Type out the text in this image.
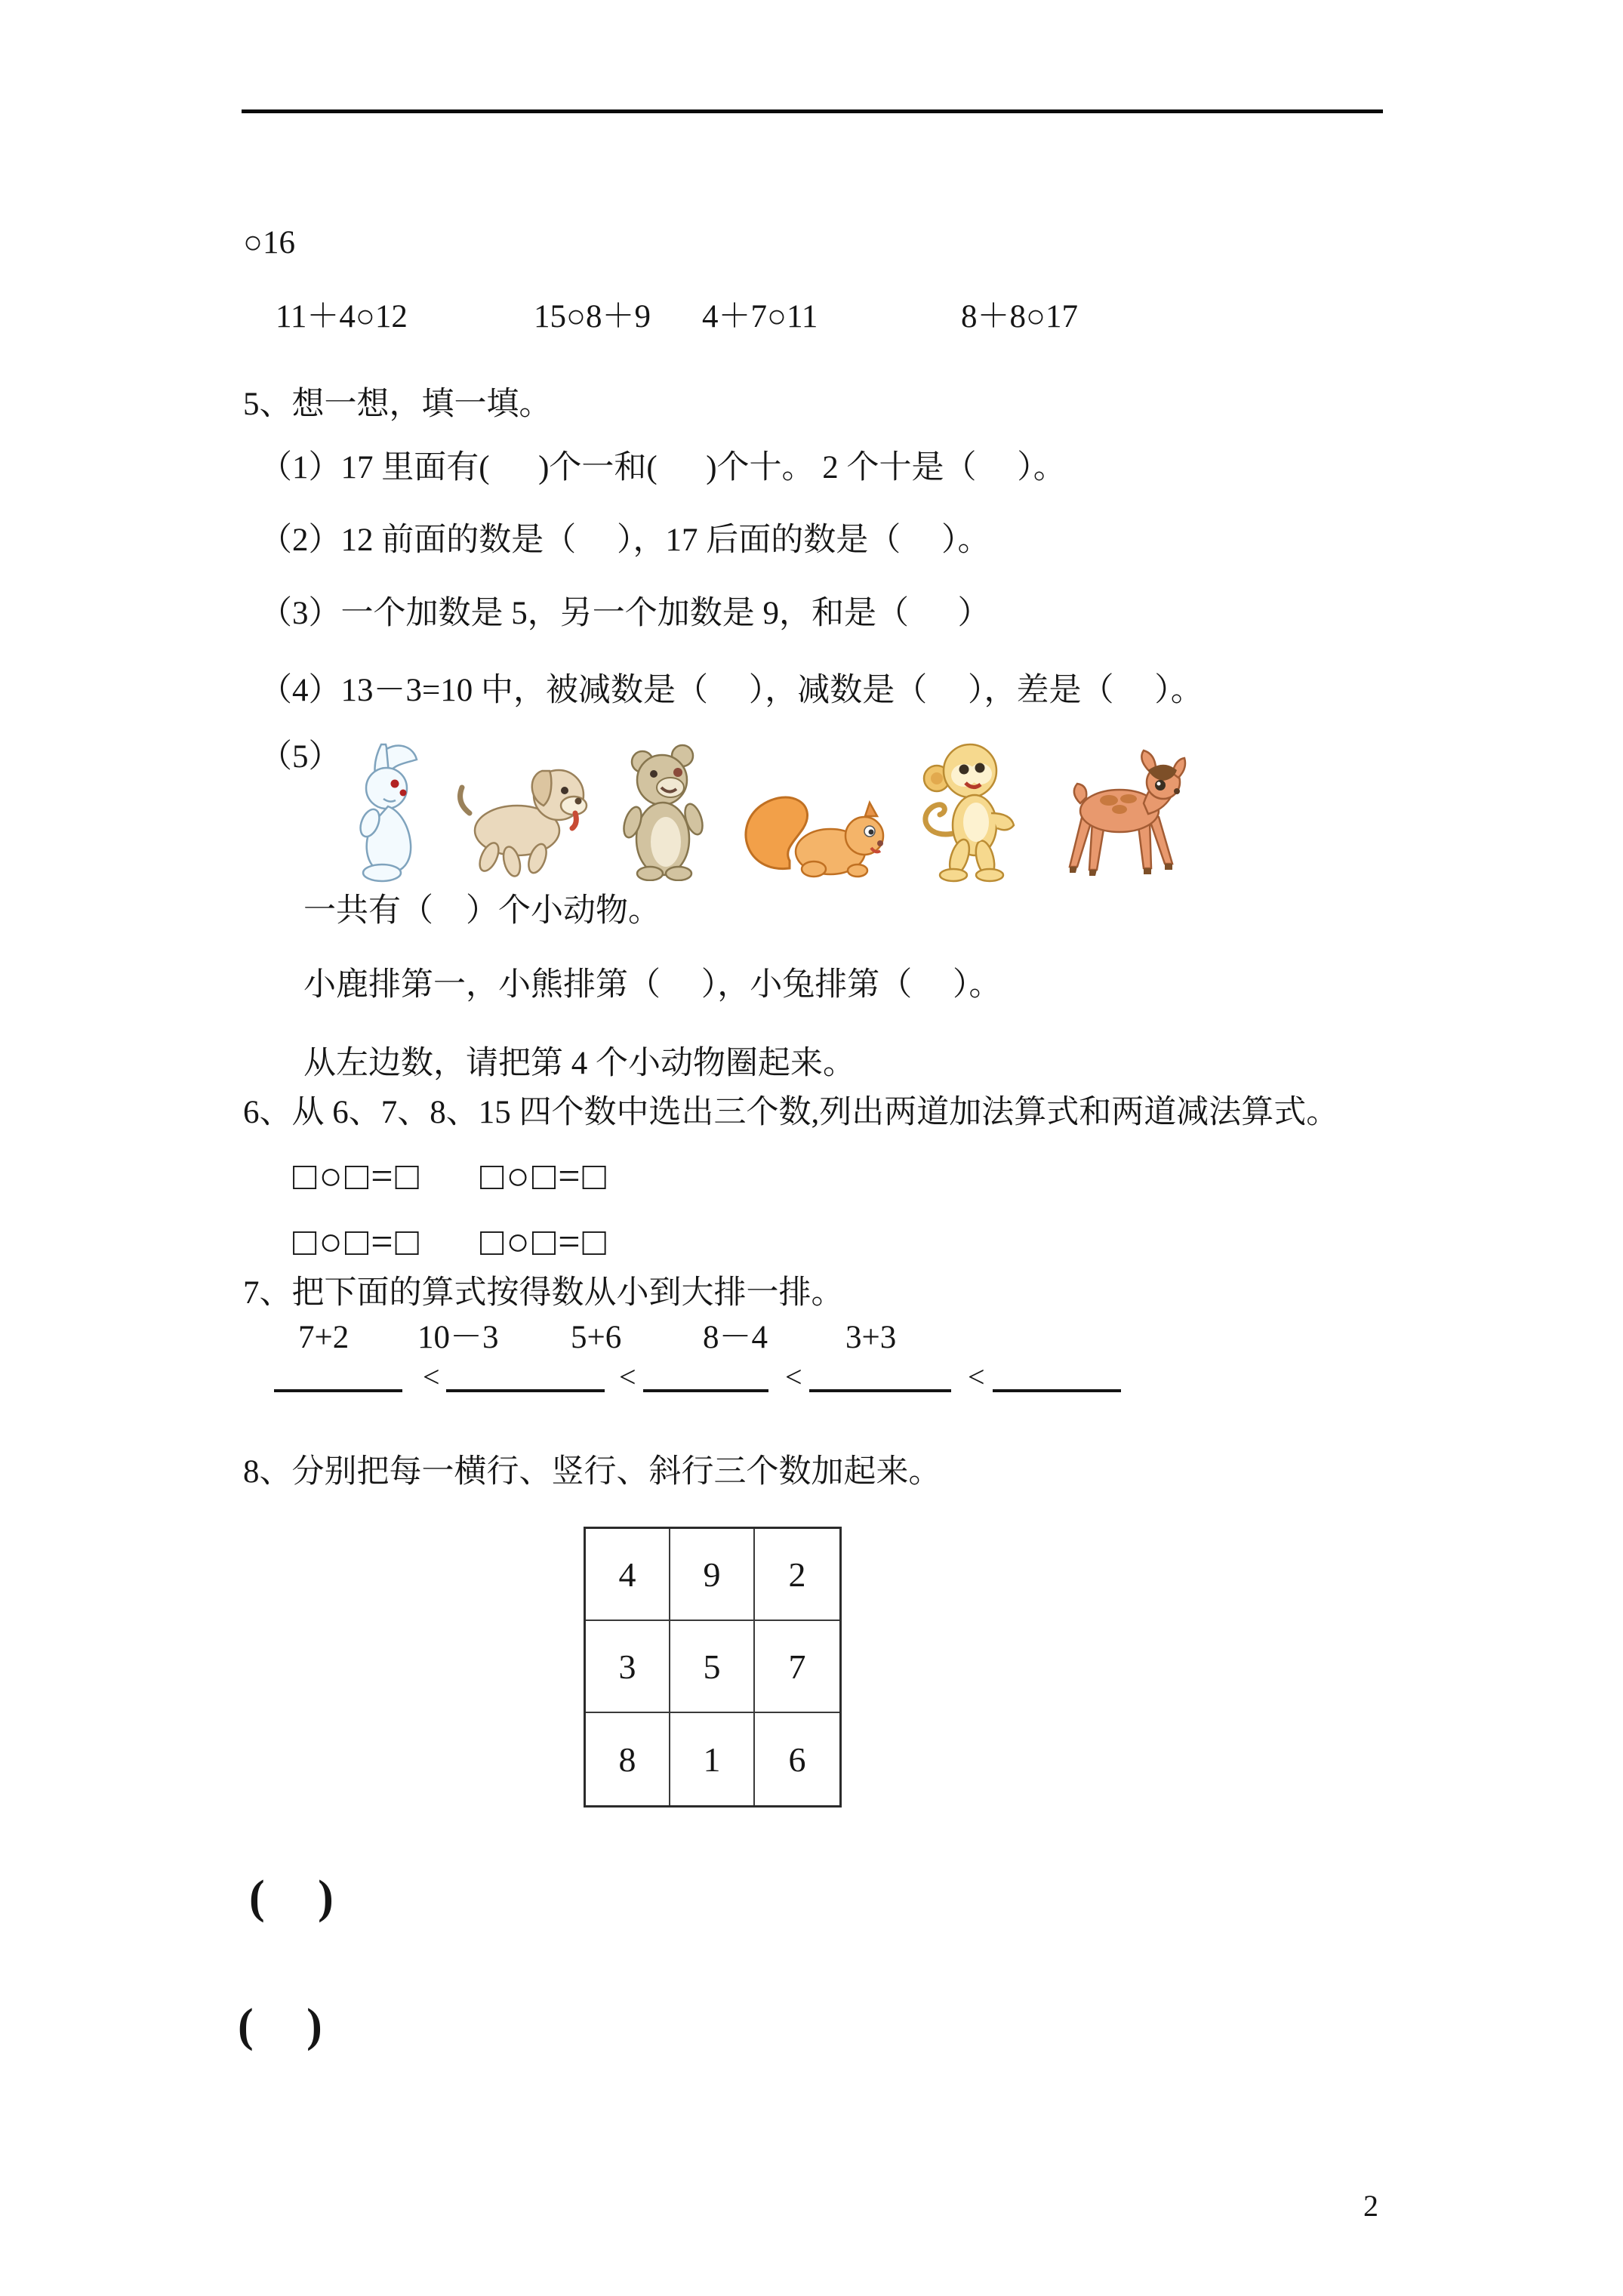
○16
11＋4○12	15○8＋9 4＋7○11	8＋8○17
5、想一想，填一填。
（1）17 里面有(      )个一和(      )个十。 2 个十是（     ）。
（2）12 前面的数是（     ），17 后面的数是（     ）。
（3）一个加数是 5，另一个加数是 9，和是（      ）
（4）13－3=10 中，被减数是（     ），减数是（     ），差是（     ）。
（5）
一共有（    ）个小动物。
小鹿排第一，小熊排第（     ），小兔排第（     ）。
从左边数，请把第 4 个小动物圈起来。
6、从 6、7、8、15 四个数中选出三个数,列出两道加法算式和两道减法算式。
□○□=□ □○□=□
□○□=□ □○□=□
7、把下面的算式按得数从小到大排一排。
7+2 10－3 5+6	8－4 3+3
<	<	<	<
8、分别把每一横行、竖行、斜行三个数加起来。
4	9	2
3	5	7
8	1	6
(   )
(   )
2
